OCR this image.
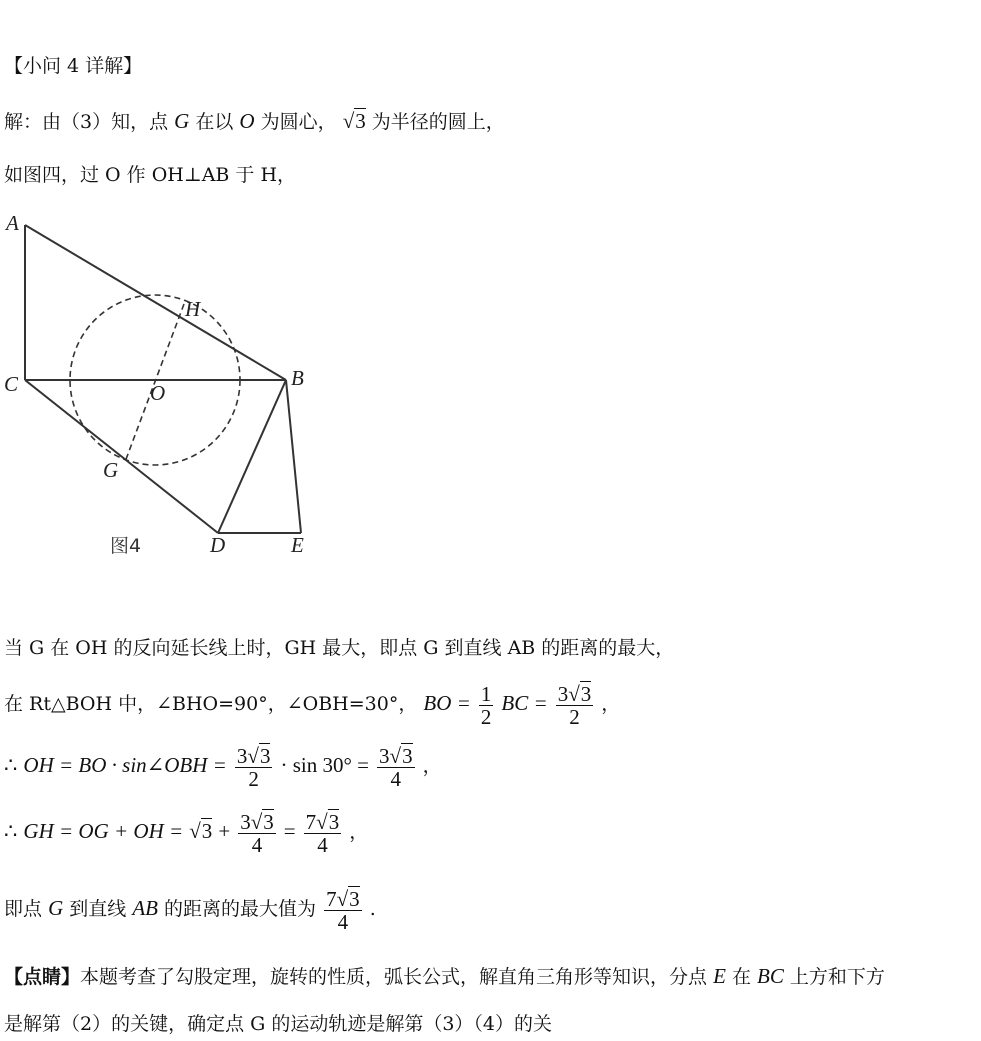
【小问 4 详解】
解：由（3）知，点 G 在以 O 为圆心， √3 为半径的圆上，
如图四，过 O 作 OH⊥AB 于 H，
A
H
C	O
B
G
D	E
图4
当 G 在 OH 的反向延长线上时，GH 最大，即点 G 到直线 AB 的距离的最大，
在 Rt△BOH 中，∠BHO=90°，∠OBH=30°， BO = $\frac{1}{2}$ BC = $\frac{3√3}{2}$ ，
∴ OH = BO · sin∠OBH = $\frac{3√3}{2} \cdot \sin 30^\circ = \frac{3√3}{4}$ ，
∴ GH = OG + OH = $√3 + \frac{3√3}{4} = \frac{7√3}{4}$ ，
即点 G 到直线 AB 的距离的最大值为 $\frac{7√3}{4}$ .
【点睛】本题考查了勾股定理，旋转的性质，弧长公式，解直角三角形等知识，分点 E 在 BC 上方和下方
是解第（2）的关键，确定点 G 的运动轨迹是解第（3）（4）的关
